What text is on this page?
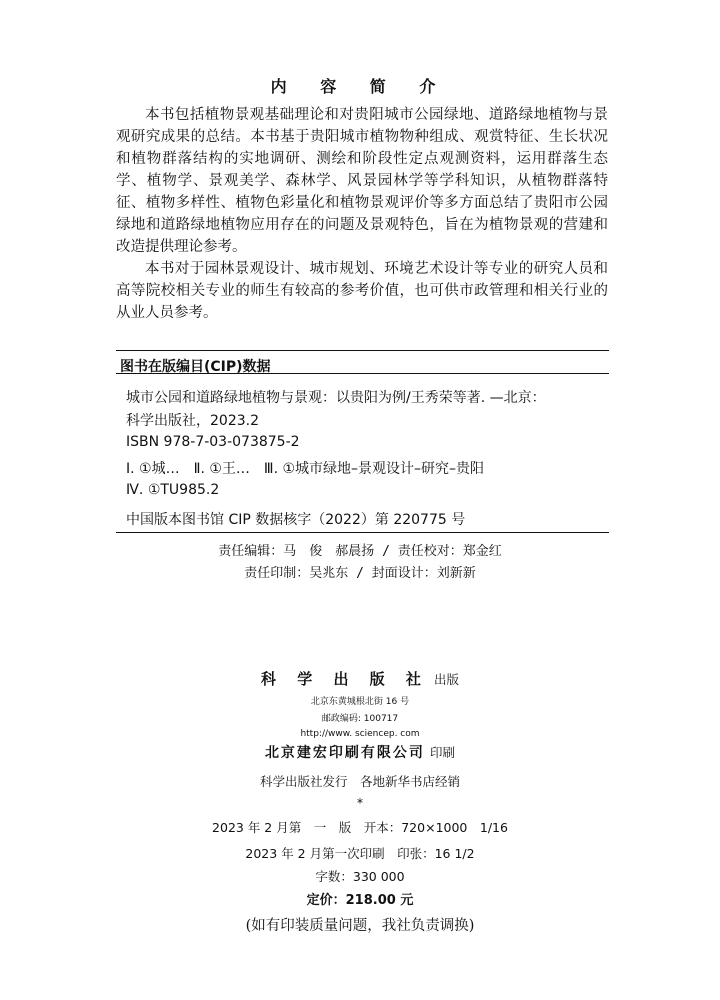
内 容 简 介

本书包括植物景观基础理论和对贵阳城市公园绿地、道路绿地植物与景观研究成果的总结。本书基于贵阳城市植物物种组成、观赏特征、生长状况和植物群落结构的实地调研、测绘和阶段性定点观测资料，运用群落生态学、植物学、景观美学、森林学、风景园林学等学科知识，从植物群落特征、植物多样性、植物色彩量化和植物景观评价等多方面总结了贵阳市公园绿地和道路绿地植物应用存在的问题及景观特色，旨在为植物景观的营建和改造提供理论参考。

本书对于园林景观设计、城市规划、环境艺术设计等专业的研究人员和高等院校相关专业的师生有较高的参考价值，也可供市政管理和相关行业的从业人员参考。

图书在版编目(CIP)数据
城市公园和道路绿地植物与景观：以贵阳为例/王秀荣等著. —北京：
科学出版社，2023.2
ISBN 978-7-03-073875-2
Ⅰ. ①城…　Ⅱ. ①王…　Ⅲ. ①城市绿地–景观设计–研究–贵阳
Ⅳ. ①TU985.2
中国版本图书馆 CIP 数据核字（2022）第 220775 号
责任编辑：马　俊　郝晨扬 / 责任校对：郑金红
责任印制：吴兆东 / 封面设计：刘新新
科 学 出 版 社 出版
北京东黄城根北街 16 号
邮政编码: 100717
http://www. sciencep. com
北京建宏印刷有限公司 印刷
科学出版社发行　各地新华书店经销
*
2023 年 2 月第　一　版　开本：720×1000　1/16
2023 年 2 月第一次印刷　印张：16 1/2
字数：330 000
定价：218.00 元
(如有印装质量问题，我社负责调换)
